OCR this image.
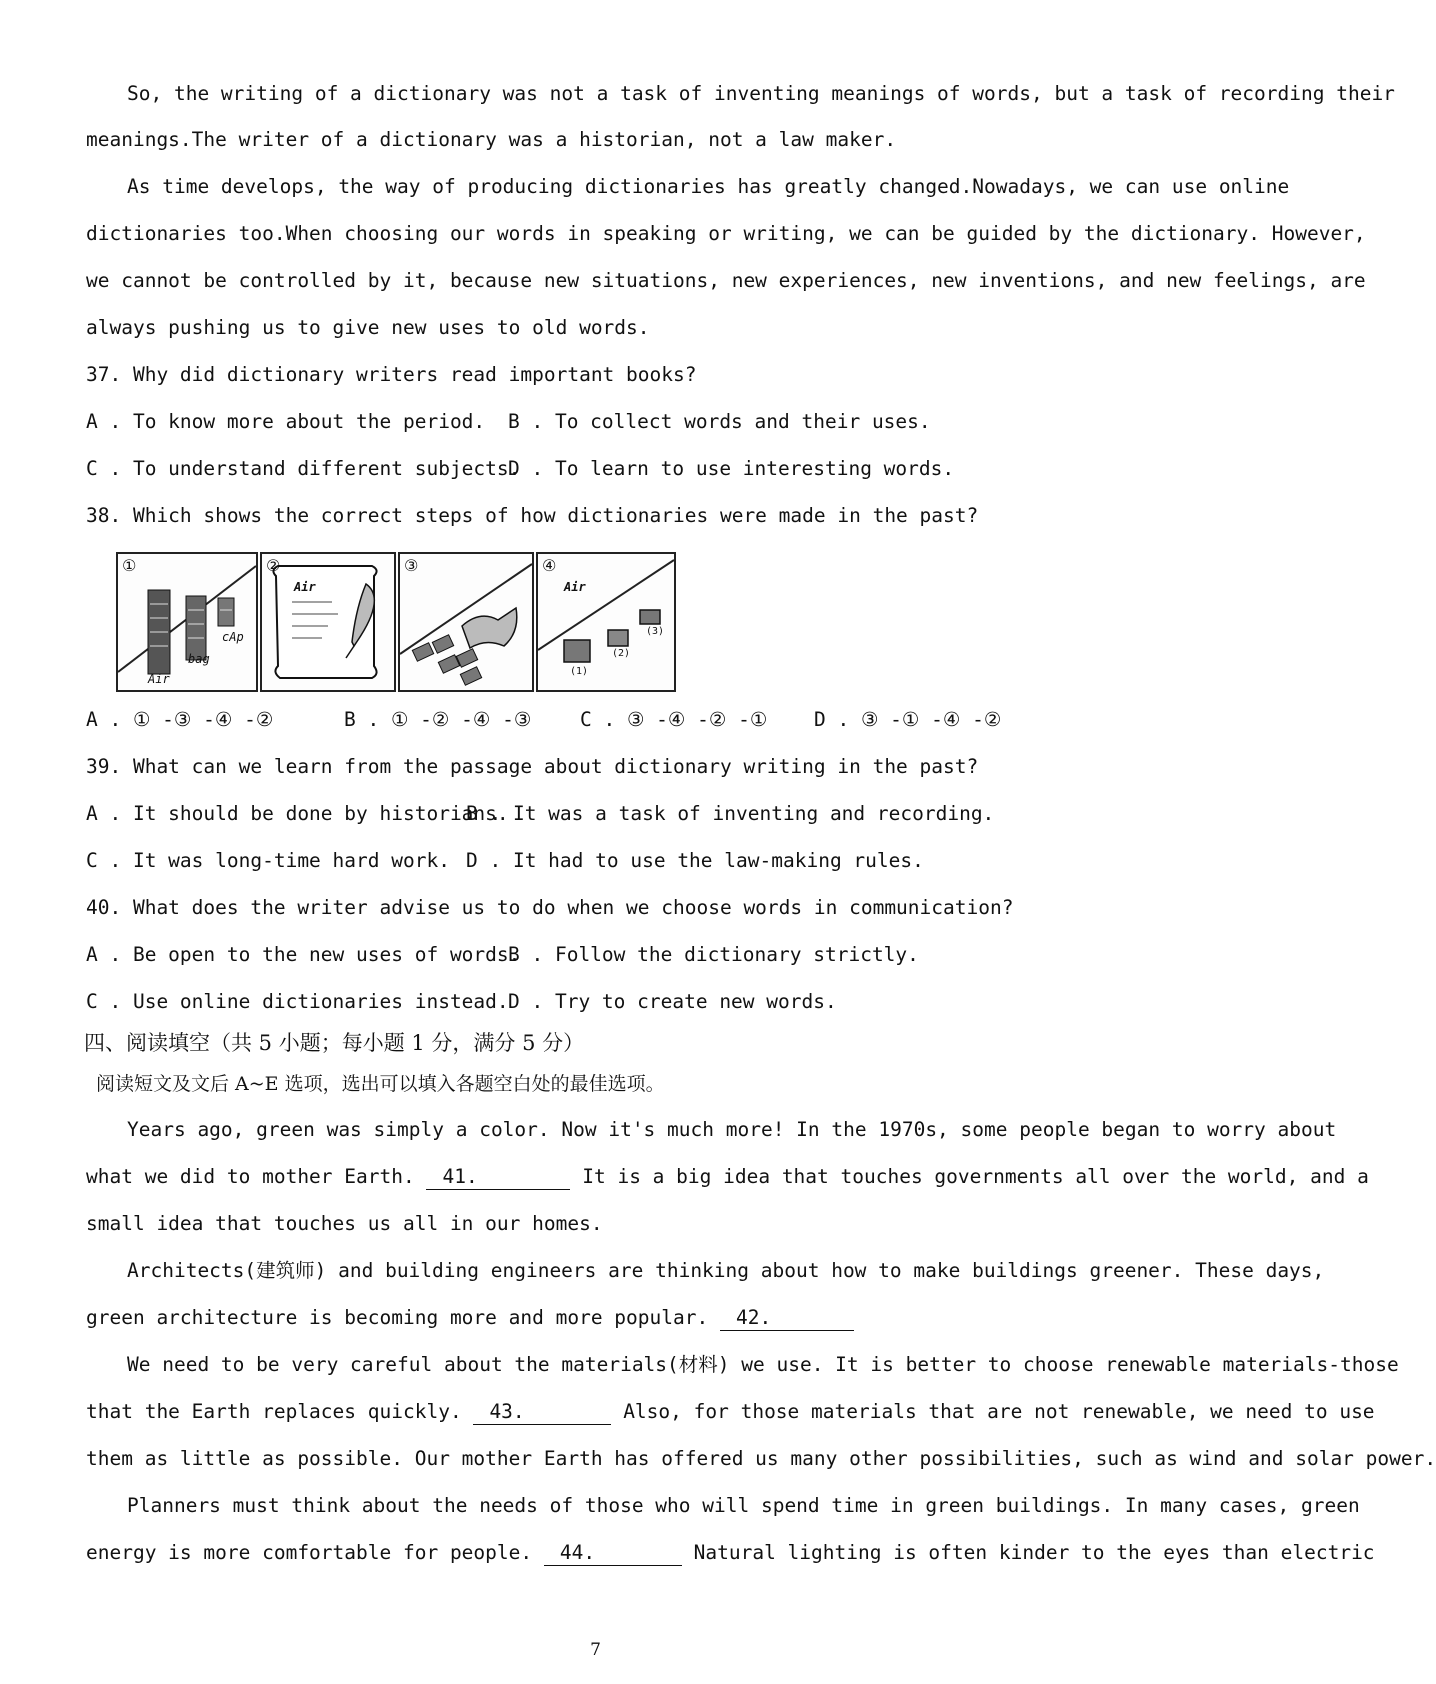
So, the writing of a dictionary was not a task of inventing meanings of words, but a task of recording their
meanings.The writer of a dictionary was a historian, not a law maker.
As time develops, the way of producing dictionaries has greatly changed.Nowadays, we can use online
dictionaries too.When choosing our words in speaking or writing, we can be guided by the dictionary. However,
we cannot be controlled by it, because new situations, new experiences, new inventions, and new feelings, are
always pushing us to give new uses to old words.
37. Why did dictionary writers read important books?
A . To know more about the period. B . To collect words and their uses.
C . To understand different subjects.
D . To learn to use interesting words.
38. Which shows the correct steps of how dictionaries were made in the past?
①
bag
cAp
Air
②
Air
③	④
Air
(1)
(2)
(3)
A . ① -③ -④ -②	B . ① -② -④ -③ C . ③ -④ -② -① D . ③ -① -④ -②
39. What can we learn from the passage about dictionary writing in the past?
A . It should be done by historians.
B . It was a task of inventing and recording.
C . It was long-time hard work. D . It had to use the law-making rules.
40. What does the writer advise us to do when we choose words in communication?
A . Be open to the new uses of words.
B . Follow the dictionary strictly.
C . Use online dictionaries instead. D . Try to create new words.
四、阅读填空（共 5 小题；每小题 1 分，满分 5 分）
阅读短文及文后 A~E 选项，选出可以填入各题空白处的最佳选项。
Years ago, green was simply a color. Now it's much more! In the 1970s, some people began to worry about
what we did to mother Earth. 41.	It is a big idea that touches governments all over the world, and a
small idea that touches us all in our homes.
Architects(建筑师) and building engineers are thinking about how to make buildings greener. These days,
green architecture is becoming more and more popular. 42.
We need to be very careful about the materials(材料) we use. It is better to choose renewable materials-those
that the Earth replaces quickly. 43.	Also, for those materials that are not renewable, we need to use
them as little as possible. Our mother Earth has offered us many other possibilities, such as wind and solar power.
Planners must think about the needs of those who will spend time in green buildings. In many cases, green
energy is more comfortable for people. 44.	Natural lighting is often kinder to the eyes than electric
7
